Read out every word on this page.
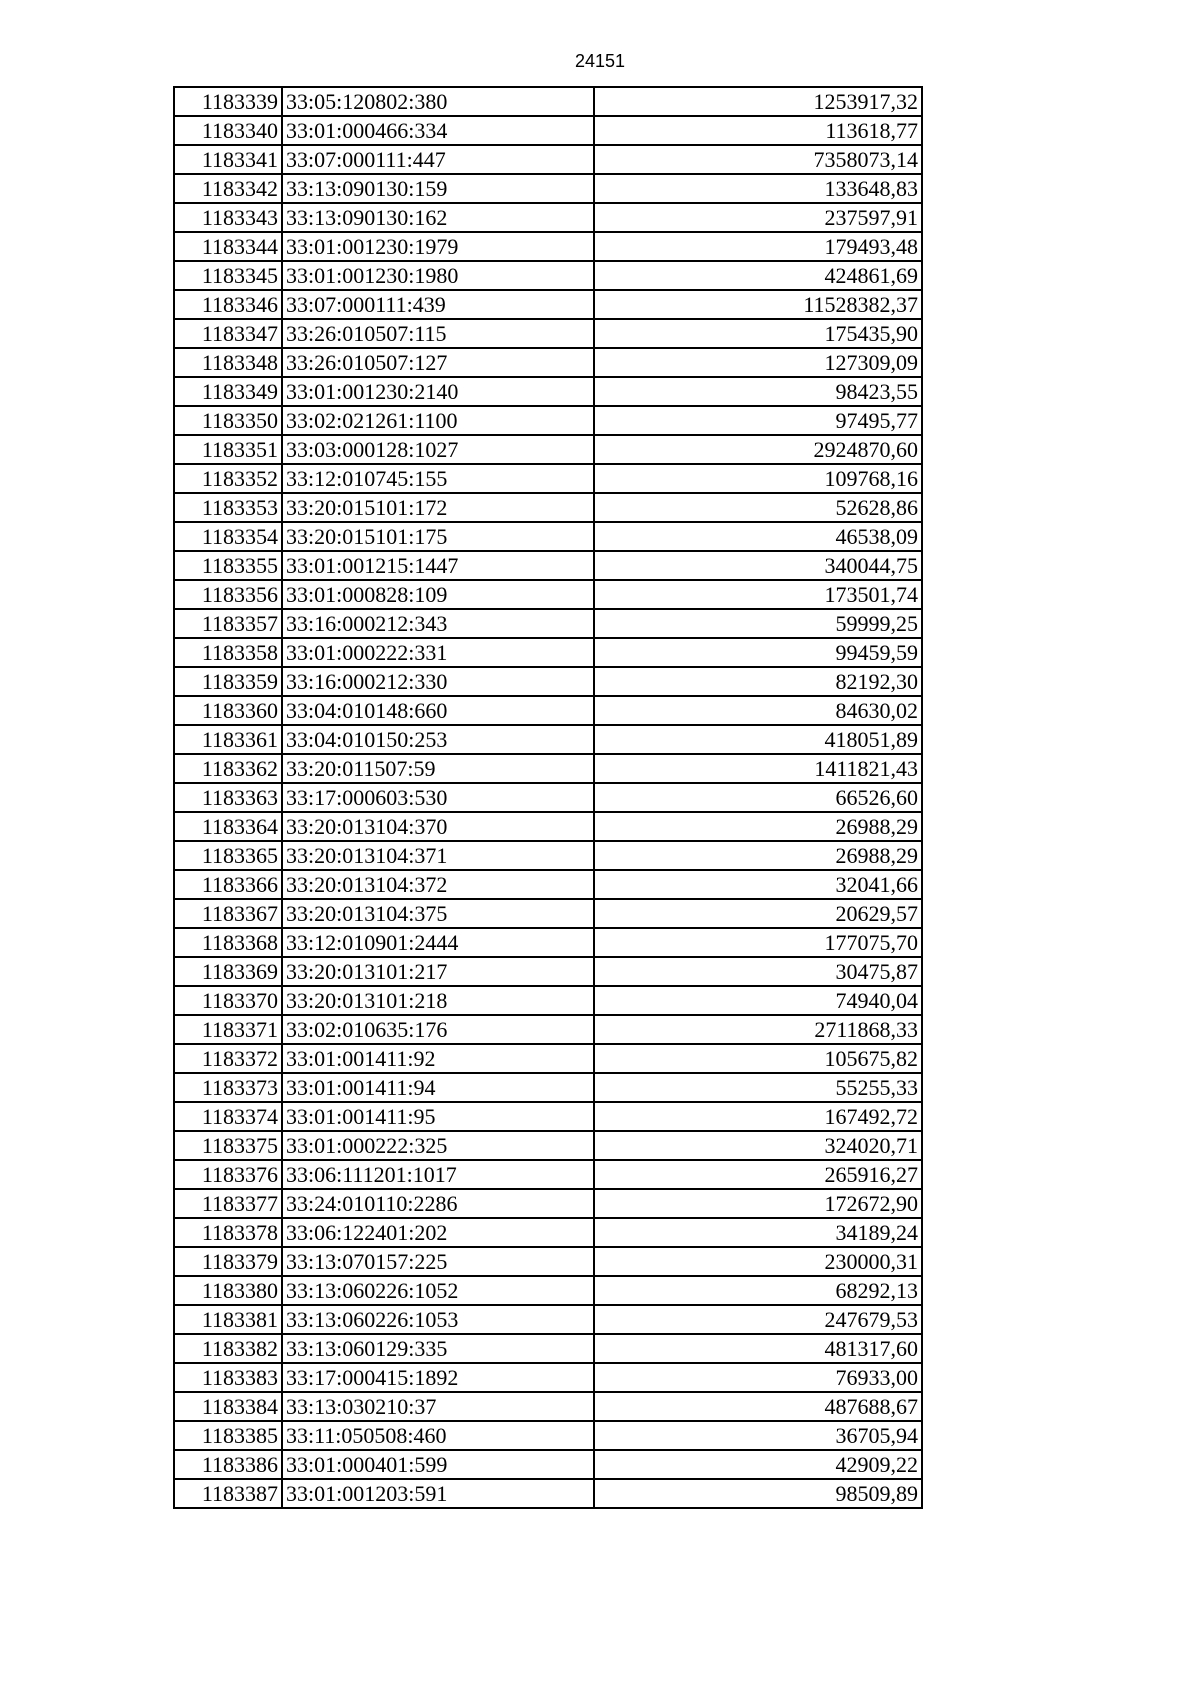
24151
1183339	33:05:120802:380	1253917,32
1183340	33:01:000466:334	113618,77
1183341	33:07:000111:447	7358073,14
1183342	33:13:090130:159	133648,83
1183343	33:13:090130:162	237597,91
1183344	33:01:001230:1979	179493,48
1183345	33:01:001230:1980	424861,69
1183346	33:07:000111:439	11528382,37
1183347	33:26:010507:115	175435,90
1183348	33:26:010507:127	127309,09
1183349	33:01:001230:2140	98423,55
1183350	33:02:021261:1100	97495,77
1183351	33:03:000128:1027	2924870,60
1183352	33:12:010745:155	109768,16
1183353	33:20:015101:172	52628,86
1183354	33:20:015101:175	46538,09
1183355	33:01:001215:1447	340044,75
1183356	33:01:000828:109	173501,74
1183357	33:16:000212:343	59999,25
1183358	33:01:000222:331	99459,59
1183359	33:16:000212:330	82192,30
1183360	33:04:010148:660	84630,02
1183361	33:04:010150:253	418051,89
1183362	33:20:011507:59	1411821,43
1183363	33:17:000603:530	66526,60
1183364	33:20:013104:370	26988,29
1183365	33:20:013104:371	26988,29
1183366	33:20:013104:372	32041,66
1183367	33:20:013104:375	20629,57
1183368	33:12:010901:2444	177075,70
1183369	33:20:013101:217	30475,87
1183370	33:20:013101:218	74940,04
1183371	33:02:010635:176	2711868,33
1183372	33:01:001411:92	105675,82
1183373	33:01:001411:94	55255,33
1183374	33:01:001411:95	167492,72
1183375	33:01:000222:325	324020,71
1183376	33:06:111201:1017	265916,27
1183377	33:24:010110:2286	172672,90
1183378	33:06:122401:202	34189,24
1183379	33:13:070157:225	230000,31
1183380	33:13:060226:1052	68292,13
1183381	33:13:060226:1053	247679,53
1183382	33:13:060129:335	481317,60
1183383	33:17:000415:1892	76933,00
1183384	33:13:030210:37	487688,67
1183385	33:11:050508:460	36705,94
1183386	33:01:000401:599	42909,22
1183387	33:01:001203:591	98509,89
